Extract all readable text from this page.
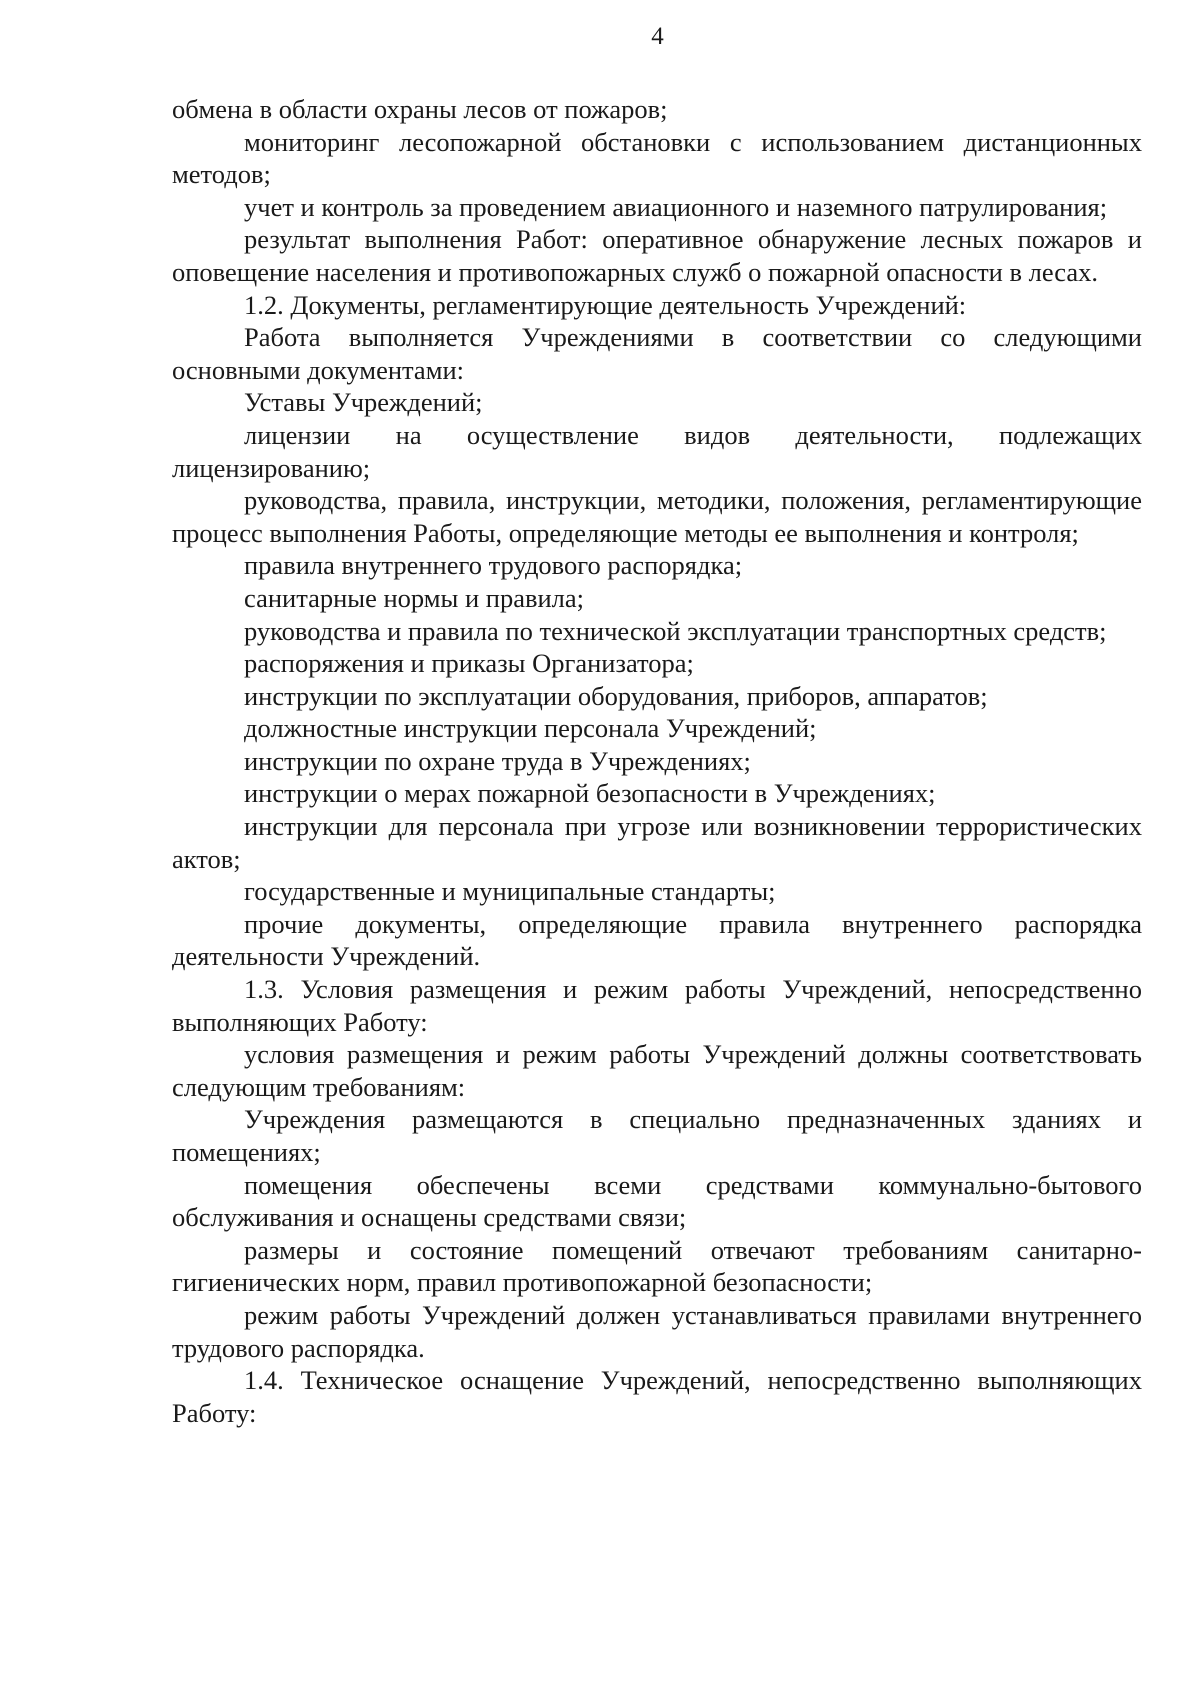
4

обмена в области охраны лесов от пожаров;

мониторинг лесопожарной обстановки с использованием дистанционных методов;

учет и контроль за проведением авиационного и наземного патрулирования;

результат выполнения Работ: оперативное обнаружение лесных пожаров и оповещение населения и противопожарных служб о пожарной опасности в лесах.

1.2. Документы, регламентирующие деятельность Учреждений:

Работа выполняется Учреждениями в соответствии со следующими основными документами:

Уставы Учреждений;

лицензии на осуществление видов деятельности, подлежащих лицензированию;

руководства, правила, инструкции, методики, положения, регламентирующие процесс выполнения Работы, определяющие методы ее выполнения и контроля;

правила внутреннего трудового распорядка;

санитарные нормы и правила;

руководства и правила по технической эксплуатации транспортных средств;

распоряжения и приказы Организатора;

инструкции по эксплуатации оборудования, приборов, аппаратов;

должностные инструкции персонала Учреждений;

инструкции по охране труда в Учреждениях;

инструкции о мерах пожарной безопасности в Учреждениях;

инструкции для персонала при угрозе или возникновении террористических актов;

государственные и муниципальные стандарты;

прочие документы, определяющие правила внутреннего распорядка деятельности Учреждений.

1.3. Условия размещения и режим работы Учреждений, непосредственно выполняющих Работу:

условия размещения и режим работы Учреждений должны соответствовать следующим требованиям:

Учреждения размещаются в специально предназначенных зданиях и помещениях;

помещения обеспечены всеми средствами коммунально-бытового обслуживания и оснащены средствами связи;

размеры и состояние помещений отвечают требованиям санитарно-гигиенических норм, правил противопожарной безопасности;

режим работы Учреждений должен устанавливаться правилами внутреннего трудового распорядка.

1.4. Техническое оснащение Учреждений, непосредственно выполняющих Работу:
